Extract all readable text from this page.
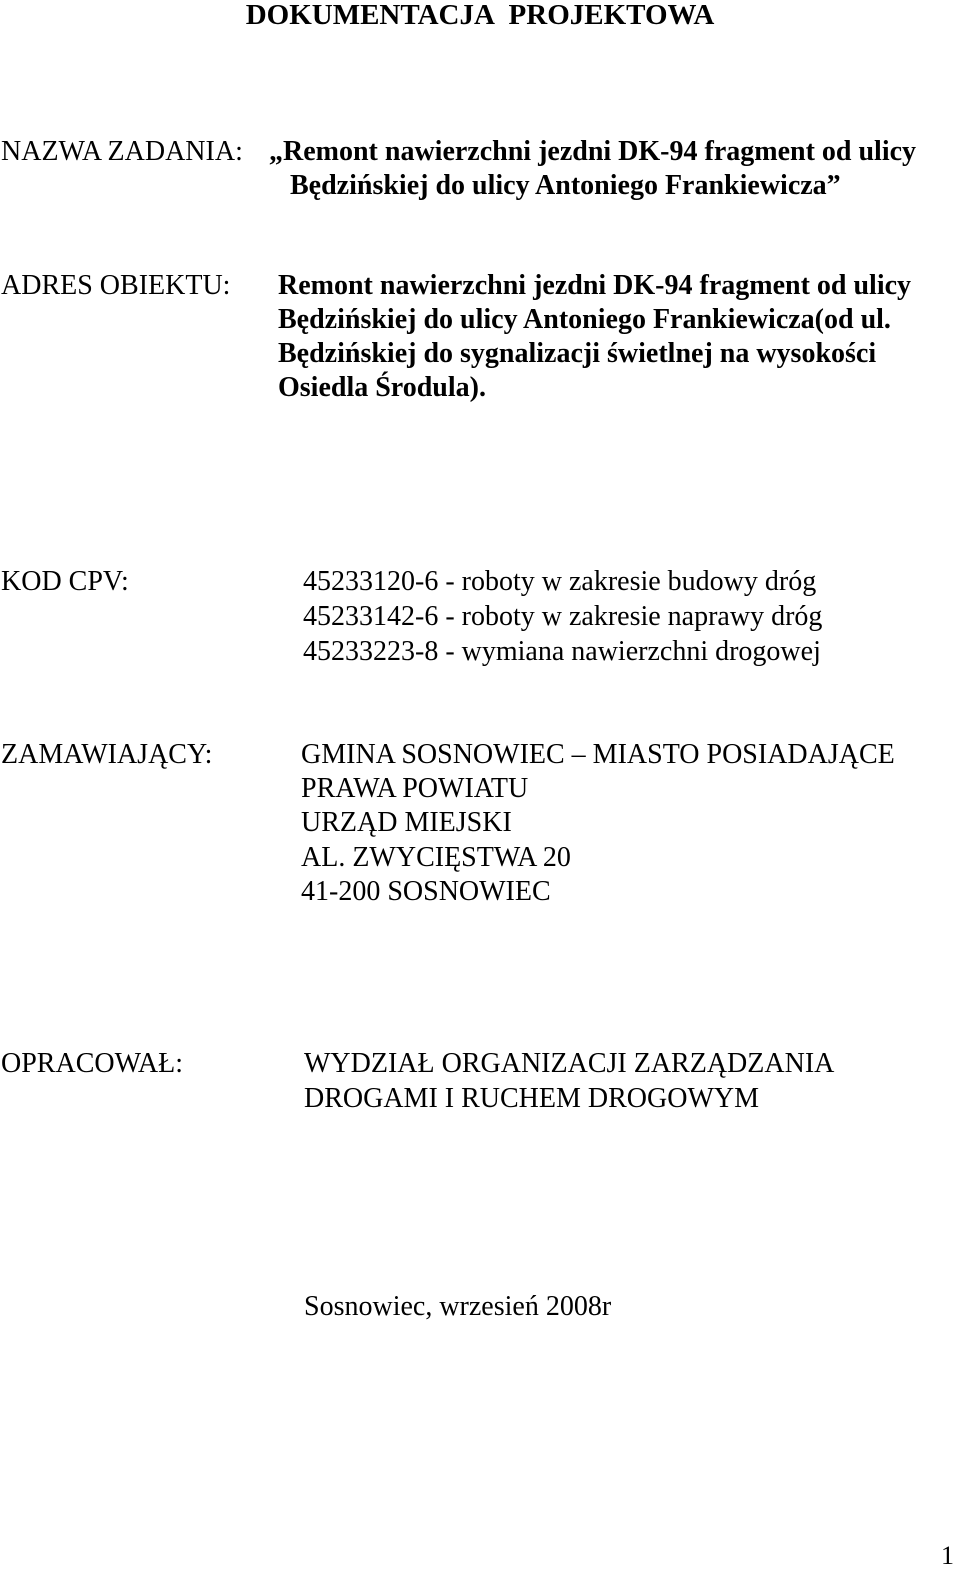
DOKUMENTACJA PROJEKTOWA

NAZWA ZADANIA: „Remont nawierzchni jezdni DK-94 fragment od ulicy

Będzińskiej do ulicy Antoniego Frankiewicza”

ADRES OBIEKTU: Remont nawierzchni jezdni DK-94 fragment od ulicy

Będzińskiej do ulicy Antoniego Frankiewicza(od ul.

Będzińskiej do sygnalizacji świetlnej na wysokości

Osiedla Środula).

KOD CPV:	45233120-6 - roboty w zakresie budowy dróg

45233142-6 - roboty w zakresie naprawy dróg

45233223-8 - wymiana nawierzchni drogowej

ZAMAWIAJĄCY:	GMINA SOSNOWIEC – MIASTO POSIADAJĄCE

PRAWA POWIATU

URZĄD MIEJSKI

AL. ZWYCIĘSTWA 20

41-200 SOSNOWIEC

OPRACOWAŁ:	WYDZIAŁ ORGANIZACJI ZARZĄDZANIA

DROGAMI I RUCHEM DROGOWYM

Sosnowiec, wrzesień 2008r

1
